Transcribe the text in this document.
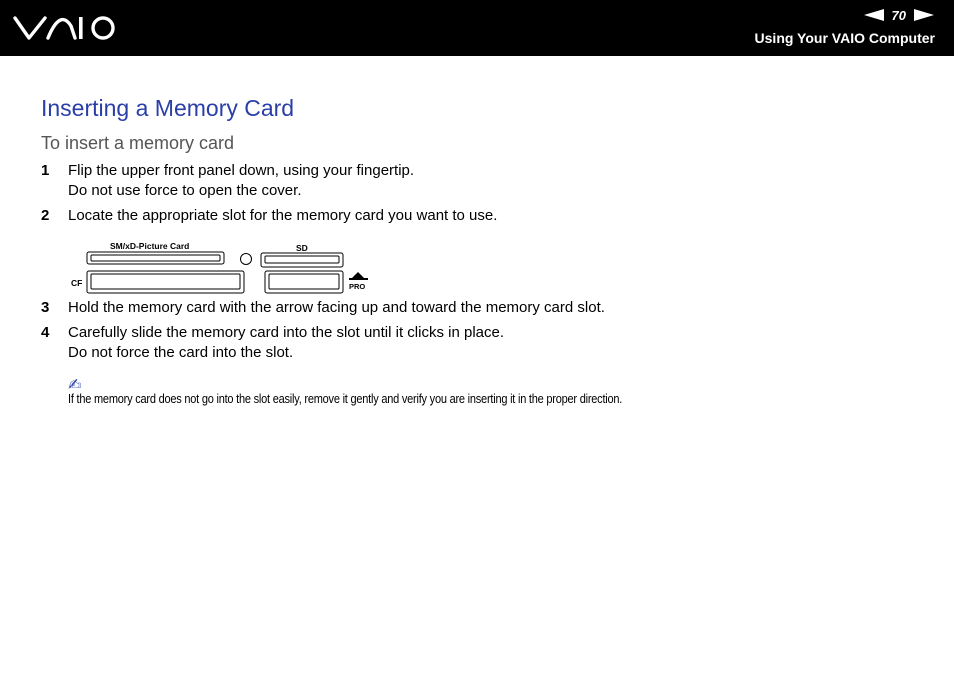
70
Using Your VAIO Computer
Inserting a Memory Card
To insert a memory card
1 Flip the upper front panel down, using your fingertip.
Do not use force to open the cover.
2 Locate the appropriate slot for the memory card you want to use.
SM/xD-Picture Card	SD
CF	PRO
3 Hold the memory card with the arrow facing up and toward the memory card slot.
4 Carefully slide the memory card into the slot until it clicks in place.
Do not force the card into the slot.
✍
If the memory card does not go into the slot easily, remove it gently and verify you are inserting it in the proper direction.
